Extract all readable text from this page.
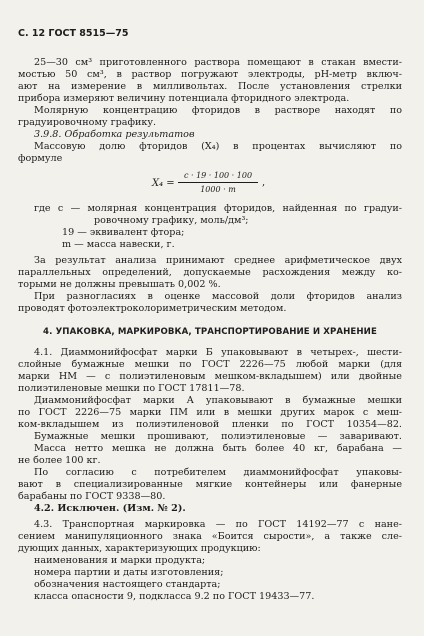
С. 12 ГОСТ 8515—75
25—30 см³ приготовленного раствора помещают в стакан вмести-
мостью 50 см³, в раствор погружают электроды, pH-метр включ-
ают на измерение в милливольтах. После установления стрелки
прибора измеряют величину потенциала фторидного электрода.
Молярную концентрацию фторидов в растворе находят по
градуировочному графику.
3.9.8. Обработка результатов
Массовую долю фторидов (X₄) в процентах вычисляют по
формуле
X₄ =
c · 19 · 100 · 100
1000 · m
,
где c — молярная концентрация фторидов, найденная по градуи-
ровочному графику, моль/дм³;
19 — эквивалент фтора;
m — масса навески, г.
За результат анализа принимают среднее арифметическое двух
параллельных определений, допускаемые расхождения между ко-
торыми не должны превышать 0,002 %.
При разногласиях в оценке массовой доли фторидов анализ
проводят фотоэлектроколориметрическим методом.
4. УПАКОВКА, МАРКИРОВКА, ТРАНСПОРТИРОВАНИЕ И ХРАНЕНИЕ
4.1. Диаммонийфосфат марки Б упаковывают в четырех-, шести-
слойные бумажные мешки по ГОСТ 2226—75 любой марки (для
марки НМ — с полиэтиленовым мешком-вкладышем) или двойные
полиэтиленовые мешки по ГОСТ 17811—78.
Диаммонийфосфат марки А упаковывают в бумажные мешки
по ГОСТ 2226—75 марки ПМ или в мешки других марок с меш-
ком-вкладышем из полиэтиленовой пленки по ГОСТ 10354—82.
Бумажные мешки прошивают, полиэтиленовые — заваривают.
Масса нетто мешка не должна быть более 40 кг, барабана —
не более 100 кг.
По согласию с потребителем диаммонийфосфат упаковы-
вают в специализированные мягкие контейнеры или фанерные
барабаны по ГОСТ 9338—80.
4.2. Исключен. (Изм. № 2).
4.3. Транспортная маркировка — по ГОСТ 14192—77 с нане-
сением манипуляционного знака «Боится сырости», а также сле-
дующих данных, характеризующих продукцию:
наименования и марки продукта;
номера партии и даты изготовления;
обозначения настоящего стандарта;
класса опасности 9, подкласса 9.2 по ГОСТ 19433—77.
